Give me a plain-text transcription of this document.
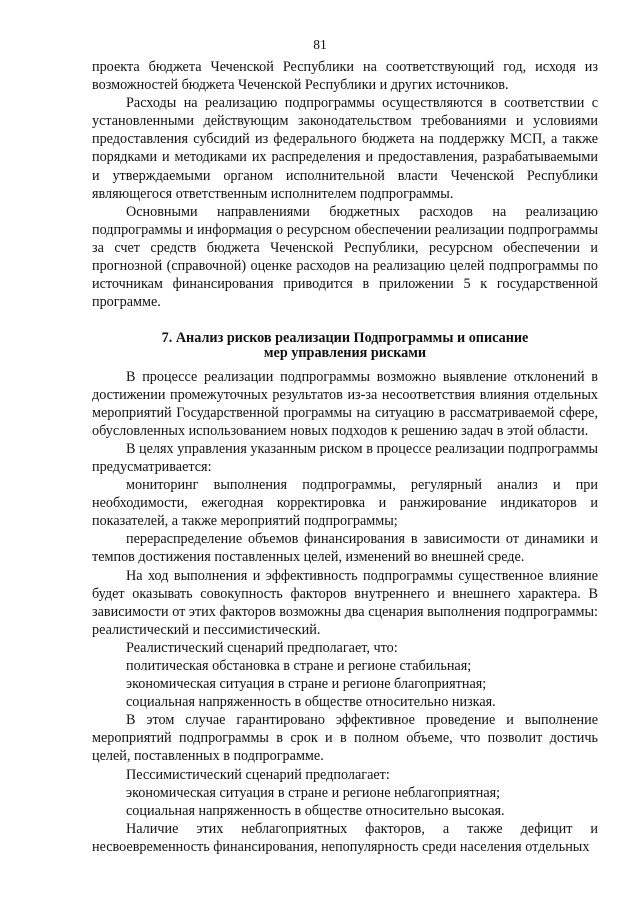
81

проекта бюджета Чеченской Республики на соответствующий год, исходя из возможностей бюджета Чеченской Республики и других источников.

Расходы на реализацию подпрограммы осуществляются в соответствии с установленными действующим законодательством требованиями и условиями предоставления субсидий из федерального бюджета на поддержку МСП, а также порядками и методиками их распределения и предоставления, разрабатываемыми и утверждаемыми органом исполнительной власти Чеченской Республики являющегося ответственным исполнителем подпрограммы.

Основными направлениями бюджетных расходов на реализацию подпрограммы и информация о ресурсном обеспечении реализации подпрограммы за счет средств бюджета Чеченской Республики, ресурсном обеспечении и прогнозной (справочной) оценке расходов на реализацию целей подпрограммы по источникам финансирования приводится в приложении 5 к государственной программе.

7. Анализ рисков реализации Подпрограммы и описание
мер управления рисками

В процессе реализации подпрограммы возможно выявление отклонений в достижении промежуточных результатов из-за несоответствия влияния отдельных мероприятий Государственной программы на ситуацию в рассматриваемой сфере, обусловленных использованием новых подходов к решению задач в этой области.

В целях управления указанным риском в процессе реализации подпрограммы предусматривается:

мониторинг выполнения подпрограммы, регулярный анализ и при необходимости, ежегодная корректировка и ранжирование индикаторов и показателей, а также мероприятий подпрограммы;

перераспределение объемов финансирования в зависимости от динамики и темпов достижения поставленных целей, изменений во внешней среде.

На ход выполнения и эффективность подпрограммы существенное влияние будет оказывать совокупность факторов внутреннего и внешнего характера. В зависимости от этих факторов возможны два сценария выполнения подпрограммы: реалистический и пессимистический.

Реалистический сценарий предполагает, что:

политическая обстановка в стране и регионе стабильная;

экономическая ситуация в стране и регионе благоприятная;

социальная напряженность в обществе относительно низкая.

В этом случае гарантировано эффективное проведение и выполнение мероприятий подпрограммы в срок и в полном объеме, что позволит достичь целей, поставленных в подпрограмме.

Пессимистический сценарий предполагает:

экономическая ситуация в стране и регионе неблагоприятная;

социальная напряженность в обществе относительно высокая.

Наличие этих неблагоприятных факторов, а также дефицит и несвоевременность финансирования, непопулярность среди населения отдельных
